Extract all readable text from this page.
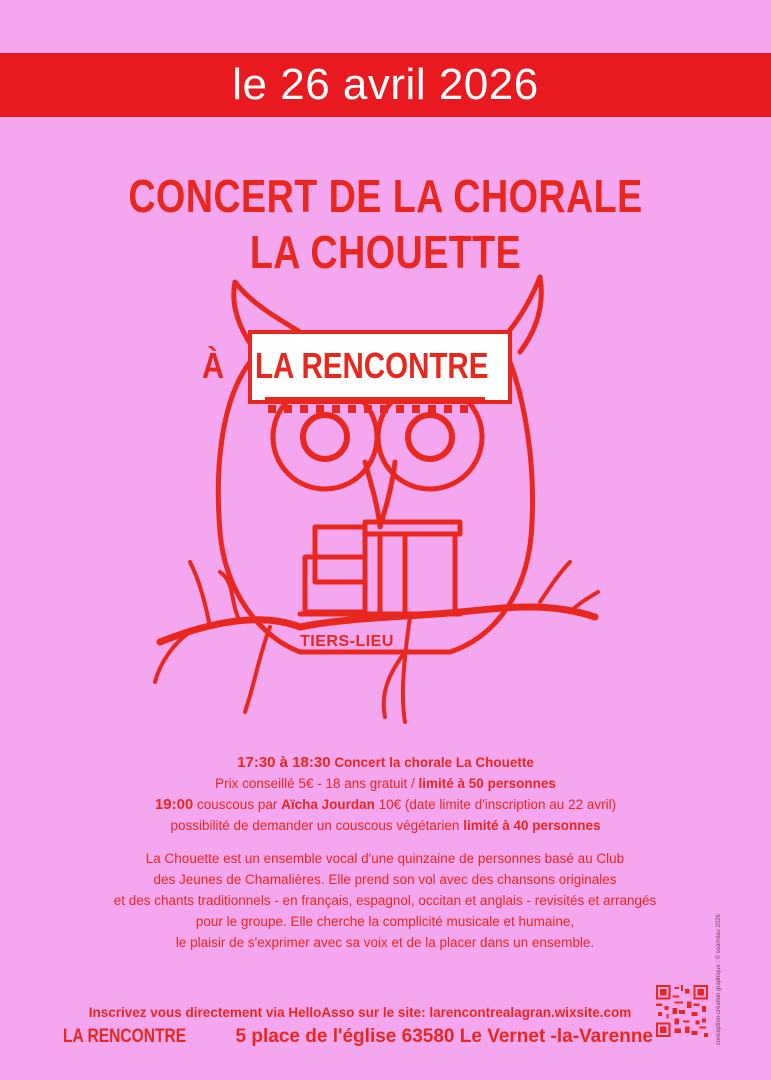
le 26 avril 2026
CONCERT DE LA CHORALE
LA CHOUETTE
À LA RENCONTRE
TIERS-LIEU
17:30 à 18:30 Concert la chorale La Chouette
Prix conseillé 5€ - 18 ans gratuit / limité à 50 personnes
19:00 couscous par Aïcha Jourdan 10€ (date limite d'inscription au 22 avril)
possibilité de demander un couscous végétarien limité à 40 personnes
La Chouette est un ensemble vocal d'une quinzaine de personnes basé au Club
des Jeunes de Chamalières. Elle prend son vol avec des chansons originales
et des chants traditionnels - en français, espagnol, occitan et anglais - revisités et arrangés
pour le groupe. Elle cherche la complicité musicale et humaine,
le plaisir de s'exprimer avec sa voix et de la placer dans un ensemble.
Inscrivez vous directement via HelloAsso sur le site: larencontrealagran.wixsite.com
LA RENCONTRE	5 place de l'église 63580 Le Vernet -la-Varenne	conception-création graphique : © soamliau 2026
